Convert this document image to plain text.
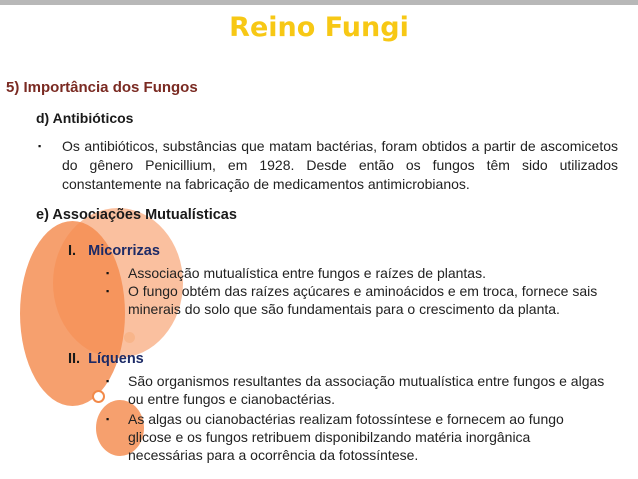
Reino Fungi
5) Importância dos Fungos
d) Antibióticos
▪ Os antibióticos, substâncias que matam bactérias, foram obtidos a partir de ascomicetos do gênero Penicillium, em 1928. Desde então os fungos têm sido utilizados constantemente na fabricação de medicamentos antimicrobianos.
e) Associações Mutualísticas
I. Micorrizas
▪ Associação mutualística entre fungos e raízes de plantas.
▪ O fungo obtém das raízes açúcares e aminoácidos e em troca, fornece sais minerais do solo que são fundamentais para o crescimento da planta.
II. Líquens
▪ São organismos resultantes da associação mutualística entre fungos e algas ou entre fungos e cianobactérias.
▪ As algas ou cianobactérias realizam fotossíntese e fornecem ao fungo glicose e os fungos retribuem disponibilzando matéria inorgânica necessárias para a ocorrência da fotossíntese.
